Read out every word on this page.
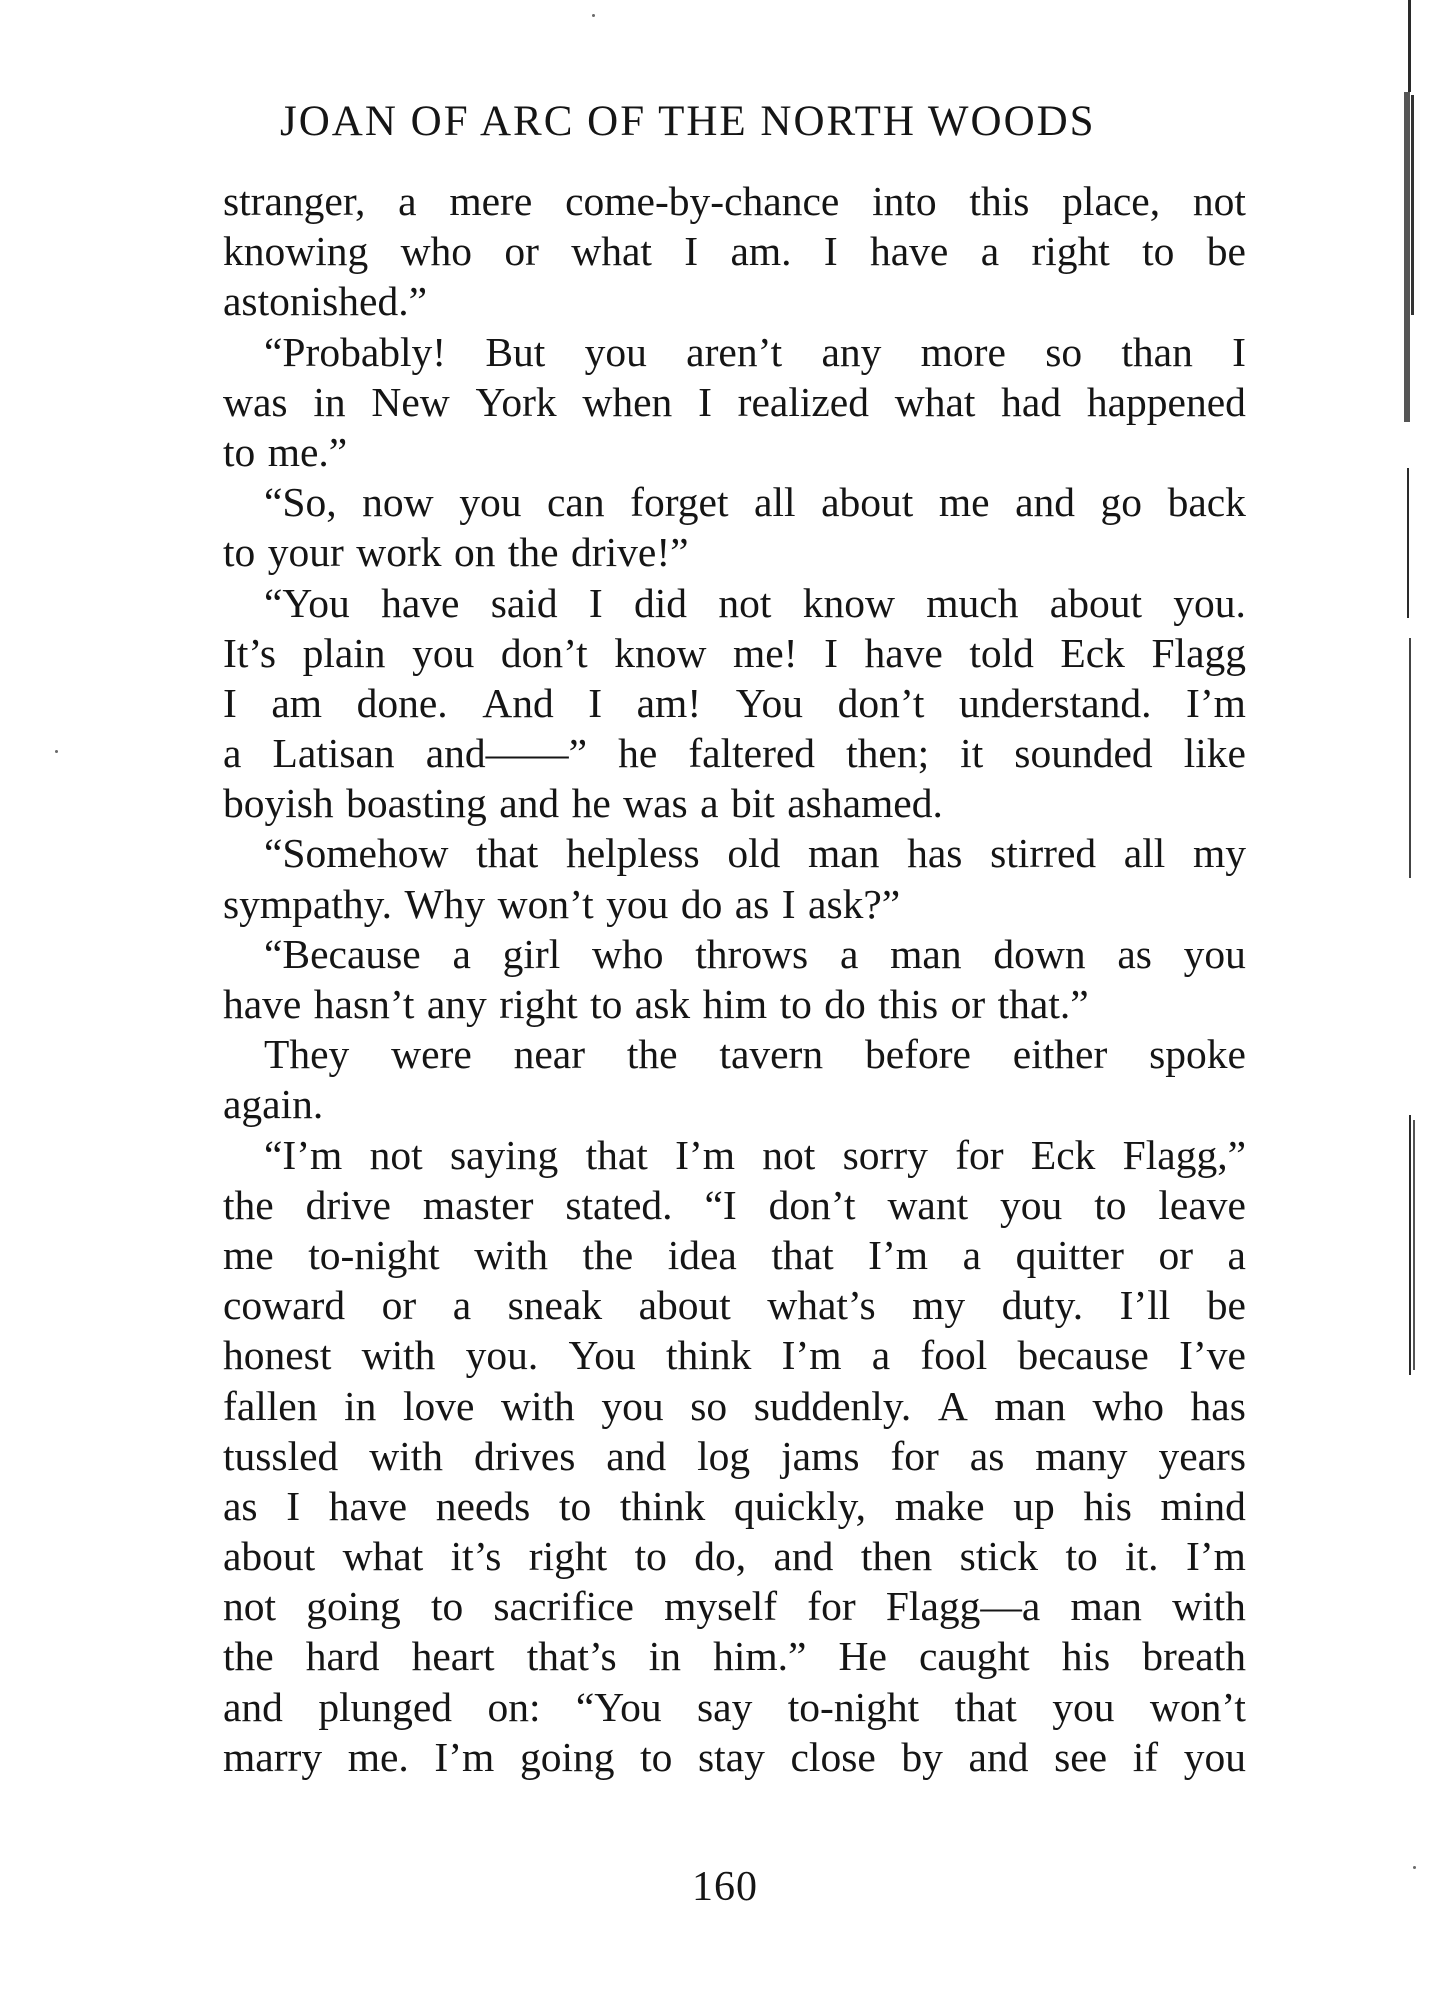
JOAN OF ARC OF THE NORTH WOODS
stranger, a mere come-by-chance into this place, not
knowing who or what I am. I have a right to be
astonished.”
“Probably! But you aren’t any more so than I
was in New York when I realized what had happened
to me.”
“So, now you can forget all about me and go back
to your work on the drive!”
“You have said I did not know much about you.
It’s plain you don’t know me! I have told Eck Flagg
I am done. And I am! You don’t understand. I’m
a Latisan and——” he faltered then; it sounded like
boyish boasting and he was a bit ashamed.
“Somehow that helpless old man has stirred all my
sympathy. Why won’t you do as I ask?”
“Because a girl who throws a man down as you
have hasn’t any right to ask him to do this or that.”
They were near the tavern before either spoke
again.
“I’m not saying that I’m not sorry for Eck Flagg,”
the drive master stated. “I don’t want you to leave
me to-night with the idea that I’m a quitter or a
coward or a sneak about what’s my duty. I’ll be
honest with you. You think I’m a fool because I’ve
fallen in love with you so suddenly. A man who has
tussled with drives and log jams for as many years
as I have needs to think quickly, make up his mind
about what it’s right to do, and then stick to it. I’m
not going to sacrifice myself for Flagg—a man with
the hard heart that’s in him.” He caught his breath
and plunged on: “You say to-night that you won’t
marry me. I’m going to stay close by and see if you
160
